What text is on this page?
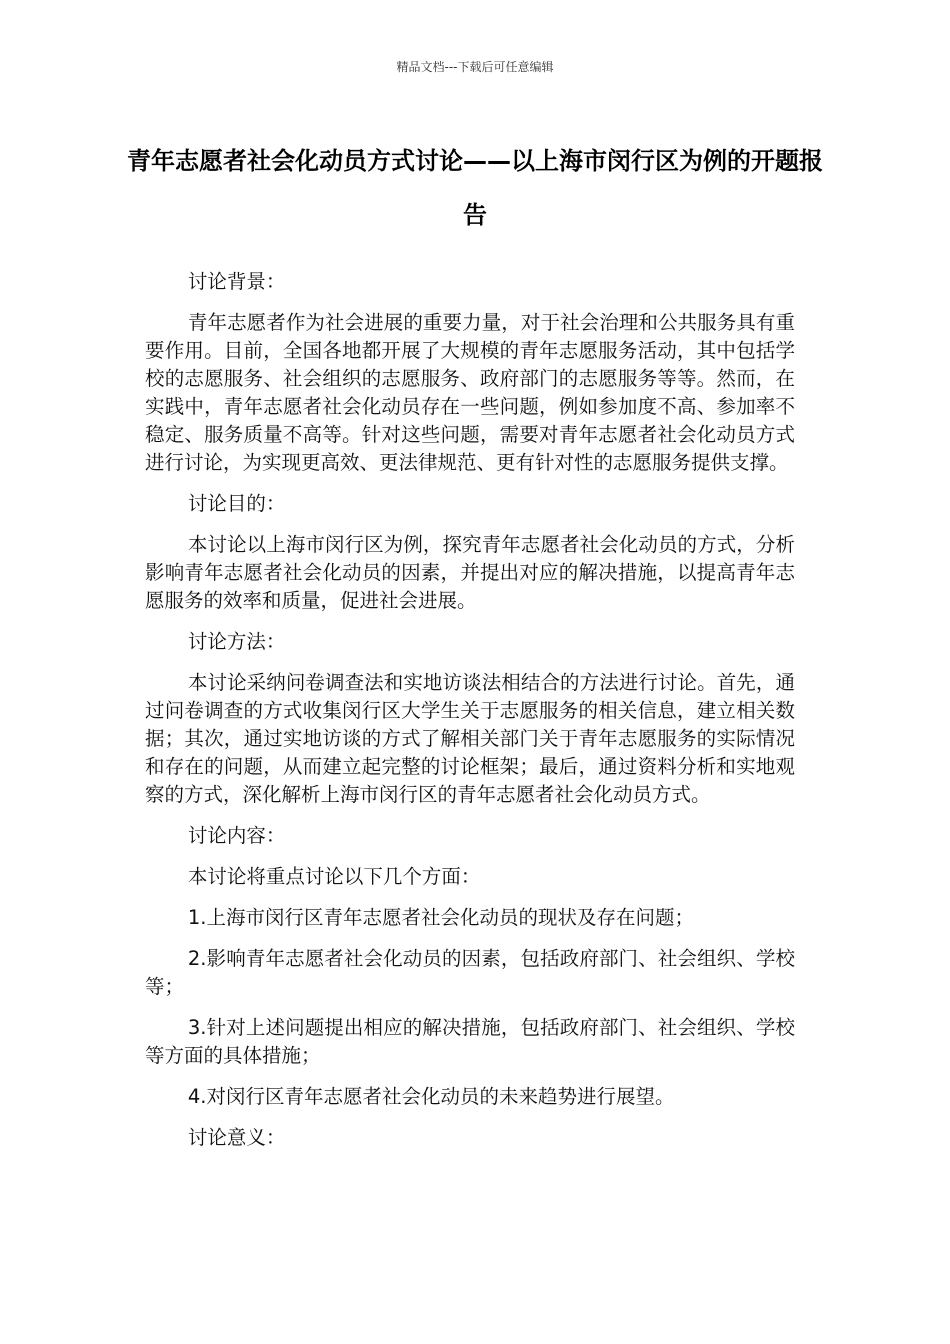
精品文档---下载后可任意编辑
青年志愿者社会化动员方式讨论——以上海市闵行区为例的开题报告

讨论背景：

青年志愿者作为社会进展的重要力量，对于社会治理和公共服务具有重要作用。目前，全国各地都开展了大规模的青年志愿服务活动，其中包括学校的志愿服务、社会组织的志愿服务、政府部门的志愿服务等等。然而，在实践中，青年志愿者社会化动员存在一些问题，例如参加度不高、参加率不稳定、服务质量不高等。针对这些问题，需要对青年志愿者社会化动员方式进行讨论，为实现更高效、更法律规范、更有针对性的志愿服务提供支撑。

讨论目的：

本讨论以上海市闵行区为例，探究青年志愿者社会化动员的方式，分析影响青年志愿者社会化动员的因素，并提出对应的解决措施，以提高青年志愿服务的效率和质量，促进社会进展。

讨论方法：

本讨论采纳问卷调查法和实地访谈法相结合的方法进行讨论。首先，通过问卷调查的方式收集闵行区大学生关于志愿服务的相关信息，建立相关数据；其次，通过实地访谈的方式了解相关部门关于青年志愿服务的实际情况和存在的问题，从而建立起完整的讨论框架；最后，通过资料分析和实地观察的方式，深化解析上海市闵行区的青年志愿者社会化动员方式。

讨论内容：

本讨论将重点讨论以下几个方面：

1.上海市闵行区青年志愿者社会化动员的现状及存在问题；

2.影响青年志愿者社会化动员的因素，包括政府部门、社会组织、学校等；

3.针对上述问题提出相应的解决措施，包括政府部门、社会组织、学校等方面的具体措施；

4.对闵行区青年志愿者社会化动员的未来趋势进行展望。

讨论意义：
